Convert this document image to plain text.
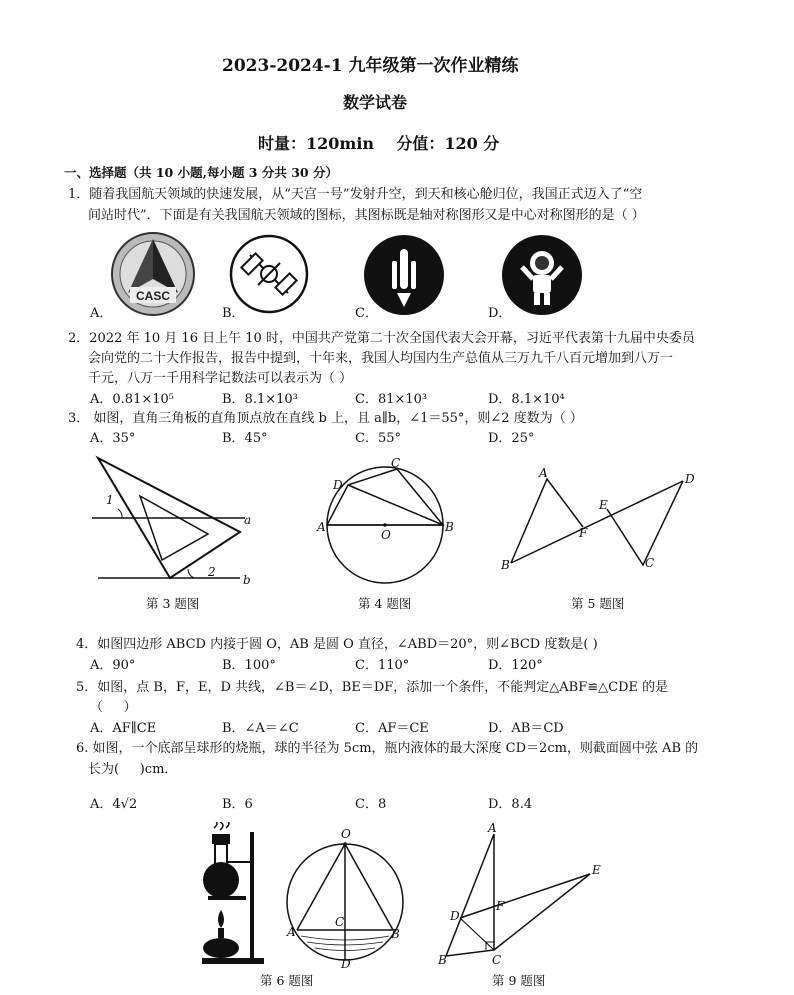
2023-2024-1 九年级第一次作业精练
数学试卷
时量：120min    分值：120 分
一、选择题（共 10 小题,每小题 3 分共 30 分）
1．随着我国航天领域的快速发展，从“天宫一号”发射升空，到天和核心舱归位，我国正式迈入了“空
间站时代”．下面是有关我国航天领域的图标，其图标既是轴对称图形又是中心对称图形的是（ ）
CASC
A．	B．	C．	D．
2．2022 年 10 月 16 日上午 10 时，中国共产党第二十次全国代表大会开幕，习近平代表第十九届中央委员
会向党的二十大作报告，报告中提到，十年来，我国人均国内生产总值从三万九千八百元增加到八万一
千元，八万一千用科学记数法可以表示为（ ）
A．0.81×10⁵	B．8.1×10³	C．81×10³	D．8.1×10⁴
3． 如图，直角三角板的直角顶点放在直线 b 上，且 a∥b，∠1＝55°，则∠2 度数为（ ）
A．35°	B．45°	C．55°	D．25°
1
a
2
b
第 3 题图
C
D
A
O
B
第 4 题图
A	D
E
F
B	C
第 5 题图
4．如图四边形 ABCD 内接于圆 O，AB 是圆 O 直径，∠ABD＝20°，则∠BCD 度数是( )
A．90°	B．100°	C．110°	D．120°
5．如图，点 B，F，E，D 共线，∠B＝∠D，BE＝DF，添加一个条件，不能判定△ABF≌△CDE 的是
（     ）
A．AF∥CE	B．∠A＝∠C	C．AF＝CE	D．AB＝CD
6. 如图，一个底部呈球形的烧瓶，球的半径为 5cm，瓶内液体的最大深度 CD＝2cm，则截面圆中弦 AB 的
长为(     )cm．
A．4√2	B．6	C．8	D．8.4
O
C
A	B
D
第 6 题图
A
E
F
D
B	C
第 9 题图
